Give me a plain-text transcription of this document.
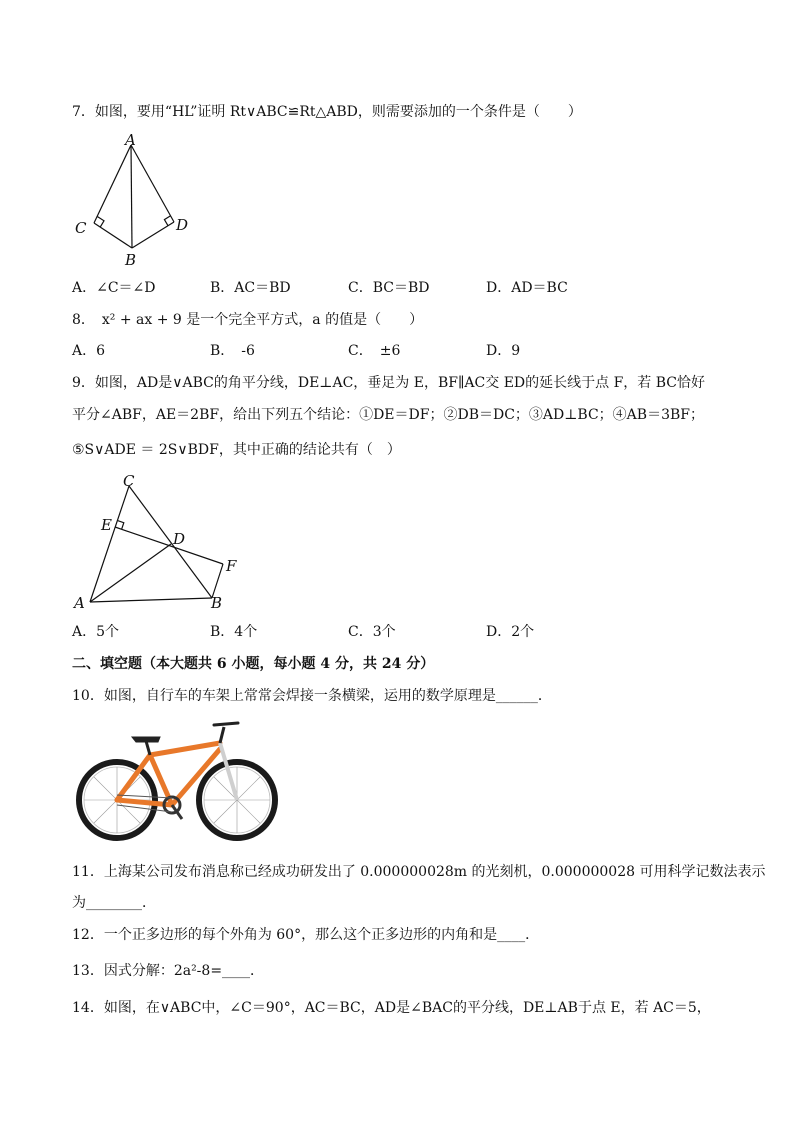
7．如图，要用“HL”证明 Rt∨ABC≌Rt△ABD，则需要添加的一个条件是（　　）
A
C	D
B
A．∠C＝∠D	B．AC＝BD	C．BC＝BD	D．AD＝BC
8．　x² + ax + 9 是一个完全平方式，a 的值是（　　）
A．6	B．　-6	C．　±6	D．9
9．如图，AD是∨ABC的角平分线，DE⊥AC，垂足为 E，BF∥AC交 ED的延长线于点 F，若 BC恰好
平分∠ABF，AE＝2BF，给出下列五个结论：①DE＝DF；②DB＝DC；③AD⊥BC；④AB＝3BF；
⑤S∨ADE ＝ 2S∨BDF，其中正确的结论共有（　）
C
E
D
F
A	B
A．5个	B．4个	C．3个	D．2个
二、填空题（本大题共 6 小题，每小题 4 分，共 24 分）
10．如图，自行车的车架上常常会焊接一条横梁，运用的数学原理是______．
11．上海某公司发布消息称已经成功研发出了 0.000000028m 的光刻机，0.000000028 可用科学记数法表示
为________．
12．一个正多边形的每个外角为 60°，那么这个正多边形的内角和是____．
13．因式分解：2a²-8=____．
14．如图，在∨ABC中，∠C＝90°，AC＝BC，AD是∠BAC的平分线，DE⊥AB于点 E，若 AC＝5，
